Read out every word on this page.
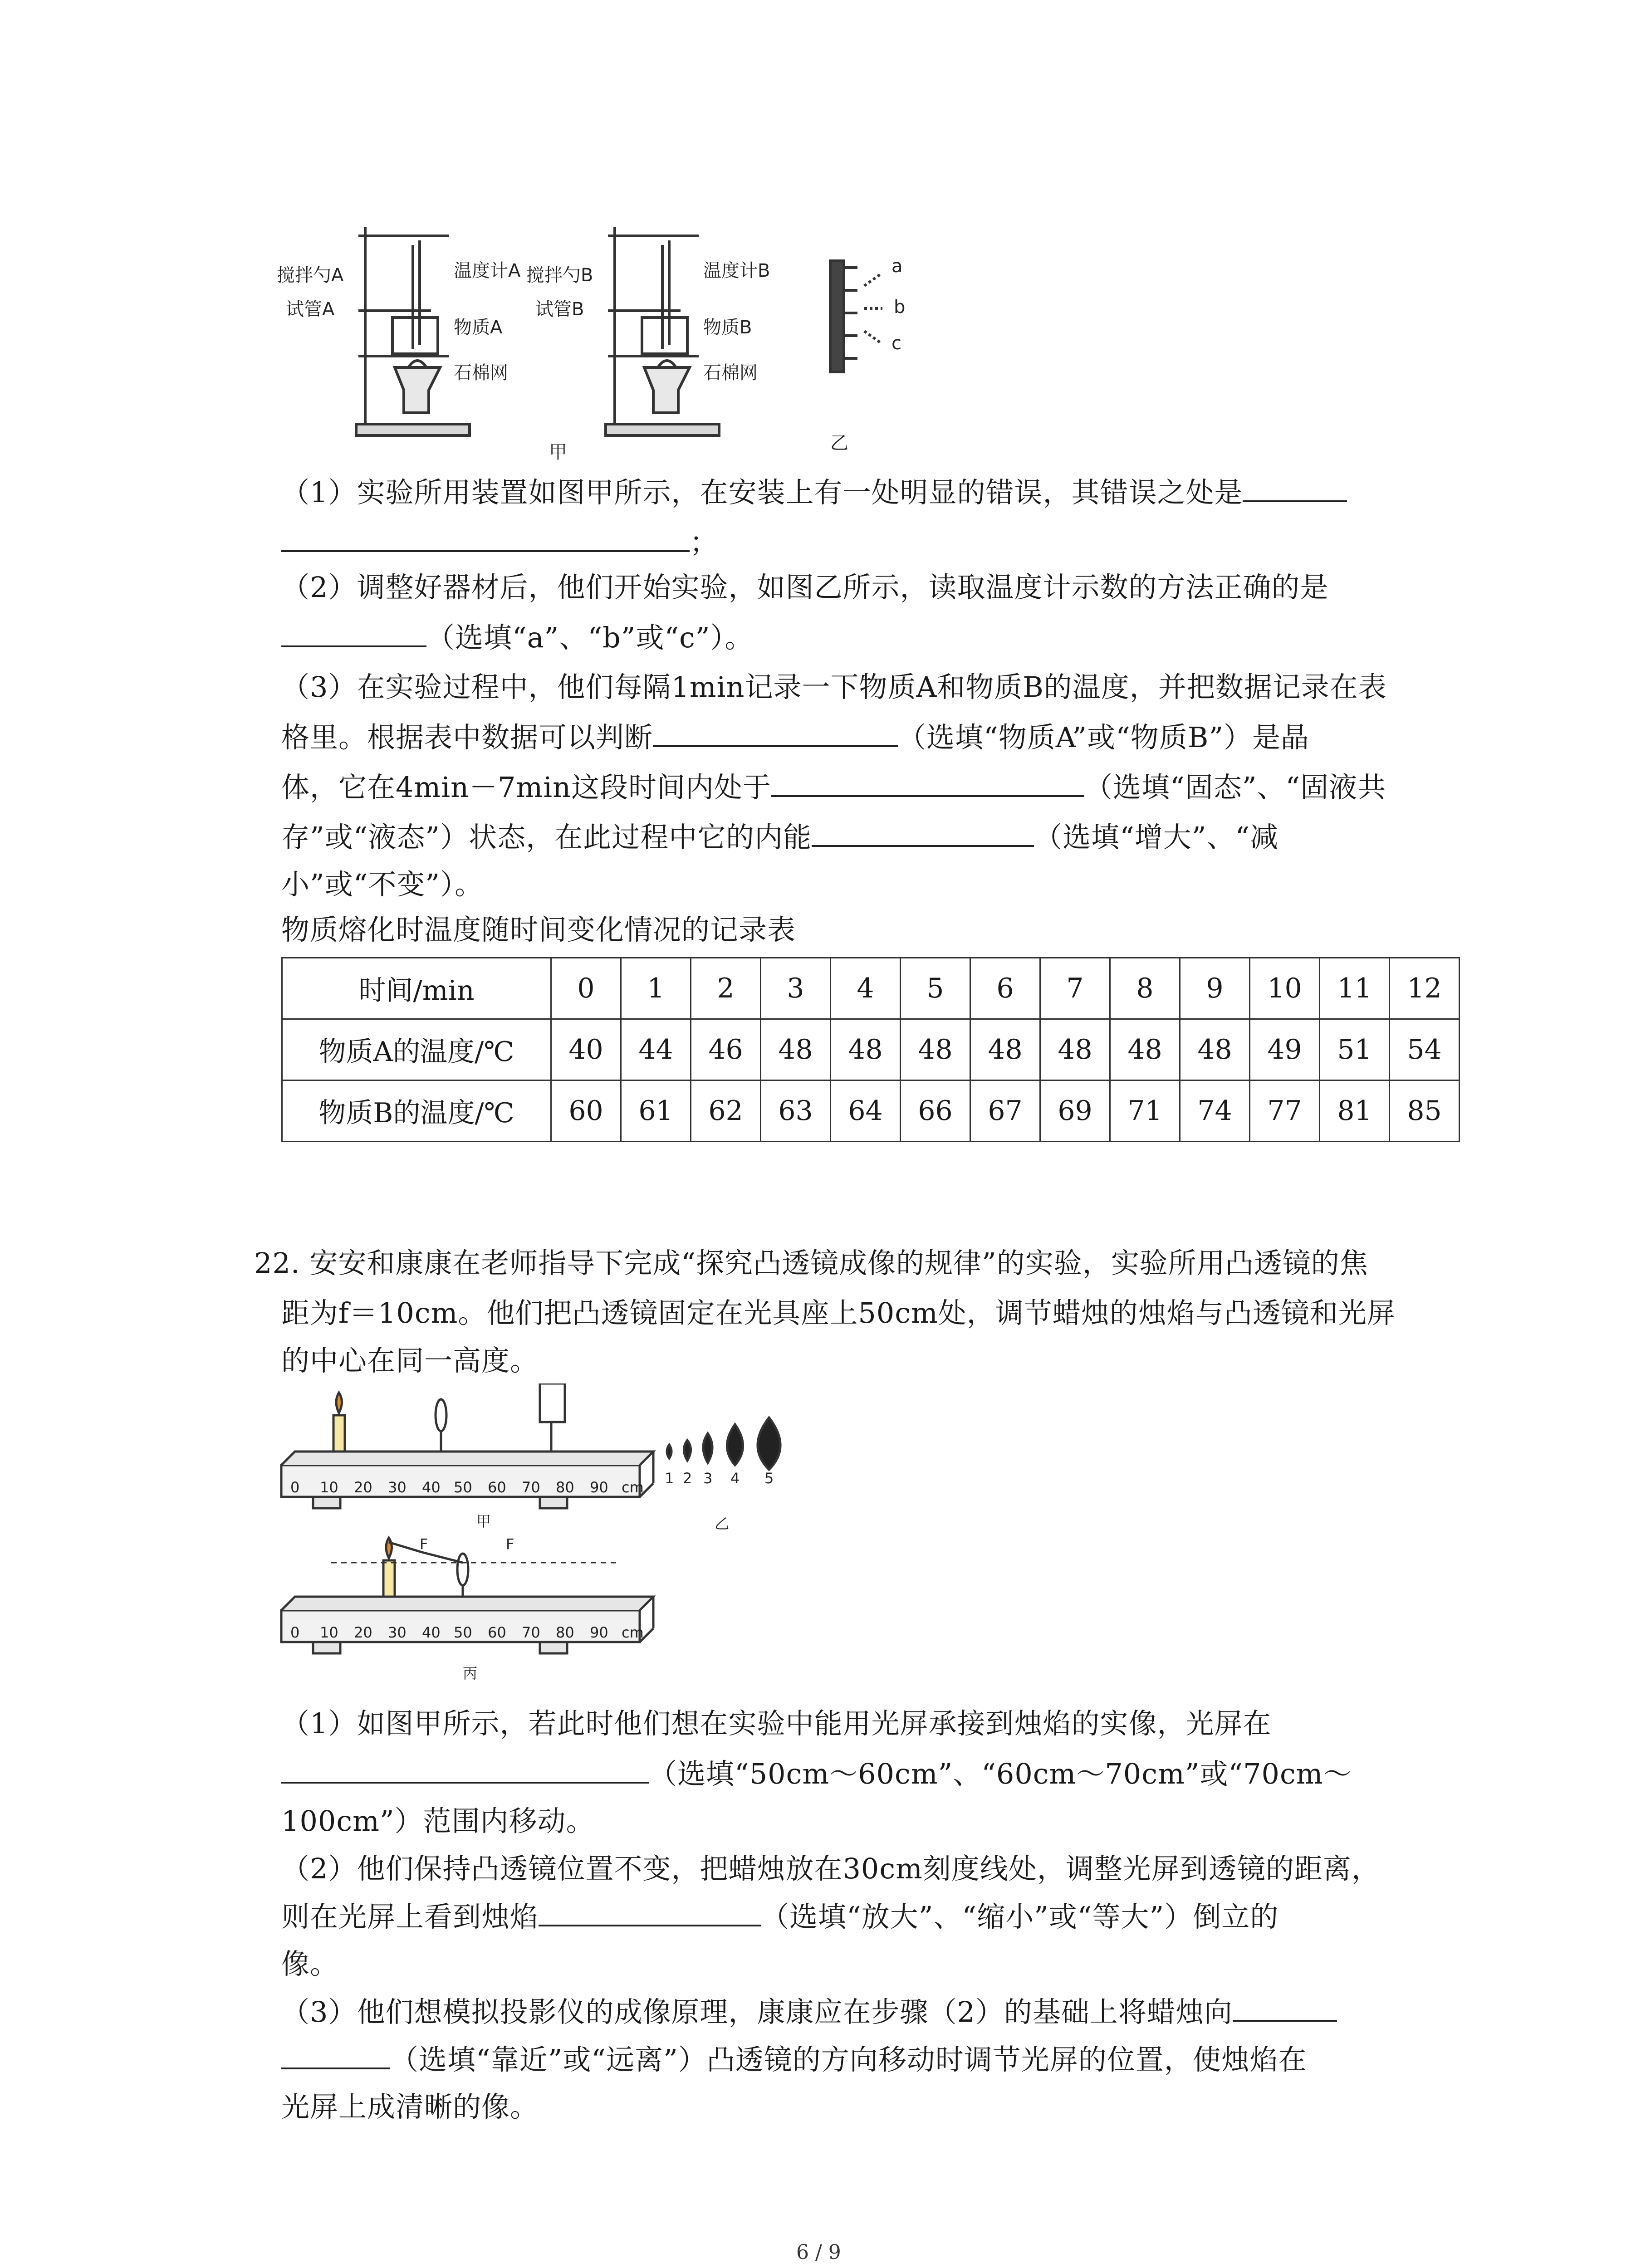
搅拌勺A	温度计A
试管A
物质A
石棉网
搅拌勺B	温度计B
试管B
物质B
石棉网
a
b
c
甲	乙
（1）实验所用装置如图甲所示，在安装上有一处明显的错误，其错误之处是
；
（2）调整好器材后，他们开始实验，如图乙所示，读取温度计示数的方法正确的是
（选填“a”、“b”或“c”）。
（3）在实验过程中，他们每隔1min记录一下物质A和物质B的温度，并把数据记录在表
格里。根据表中数据可以判断	（选填“物质A”或“物质B”）是晶
体，它在4min－7min这段时间内处于	（选填“固态”、“固液共
存”或“液态”）状态，在此过程中它的内能	（选填“增大”、“减
小”或“不变”）。
物质熔化时温度随时间变化情况的记录表
时间/min	0	1	2	3	4	5	6	7	8	9	10	11	12
物质A的温度/℃	40	44	46	48	48	48	48	48	48	48	49	51	54
物质B的温度/℃	60	61	62	63	64	66	67	69	71	74	77	81	85
22. 安安和康康在老师指导下完成“探究凸透镜成像的规律”的实验，实验所用凸透镜的焦
距为f＝10cm。他们把凸透镜固定在光具座上50cm处，调节蜡烛的烛焰与凸透镜和光屏
的中心在同一高度。
0 10 20 30 40 50 60 70 80 90 cm
1 2 3 4 5
甲	乙
F	F
0 10 20 30 40 50 60 70 80 90 cm
丙
（1）如图甲所示，若此时他们想在实验中能用光屏承接到烛焰的实像，光屏在
（选填“50cm～60cm”、“60cm～70cm”或“70cm～
100cm”）范围内移动。
（2）他们保持凸透镜位置不变，把蜡烛放在30cm刻度线处，调整光屏到透镜的距离，
则在光屏上看到烛焰	（选填“放大”、“缩小”或“等大”）倒立的
像。
（3）他们想模拟投影仪的成像原理，康康应在步骤（2）的基础上将蜡烛向
（选填“靠近”或“远离”）凸透镜的方向移动时调节光屏的位置，使烛焰在
光屏上成清晰的像。
6 / 9
